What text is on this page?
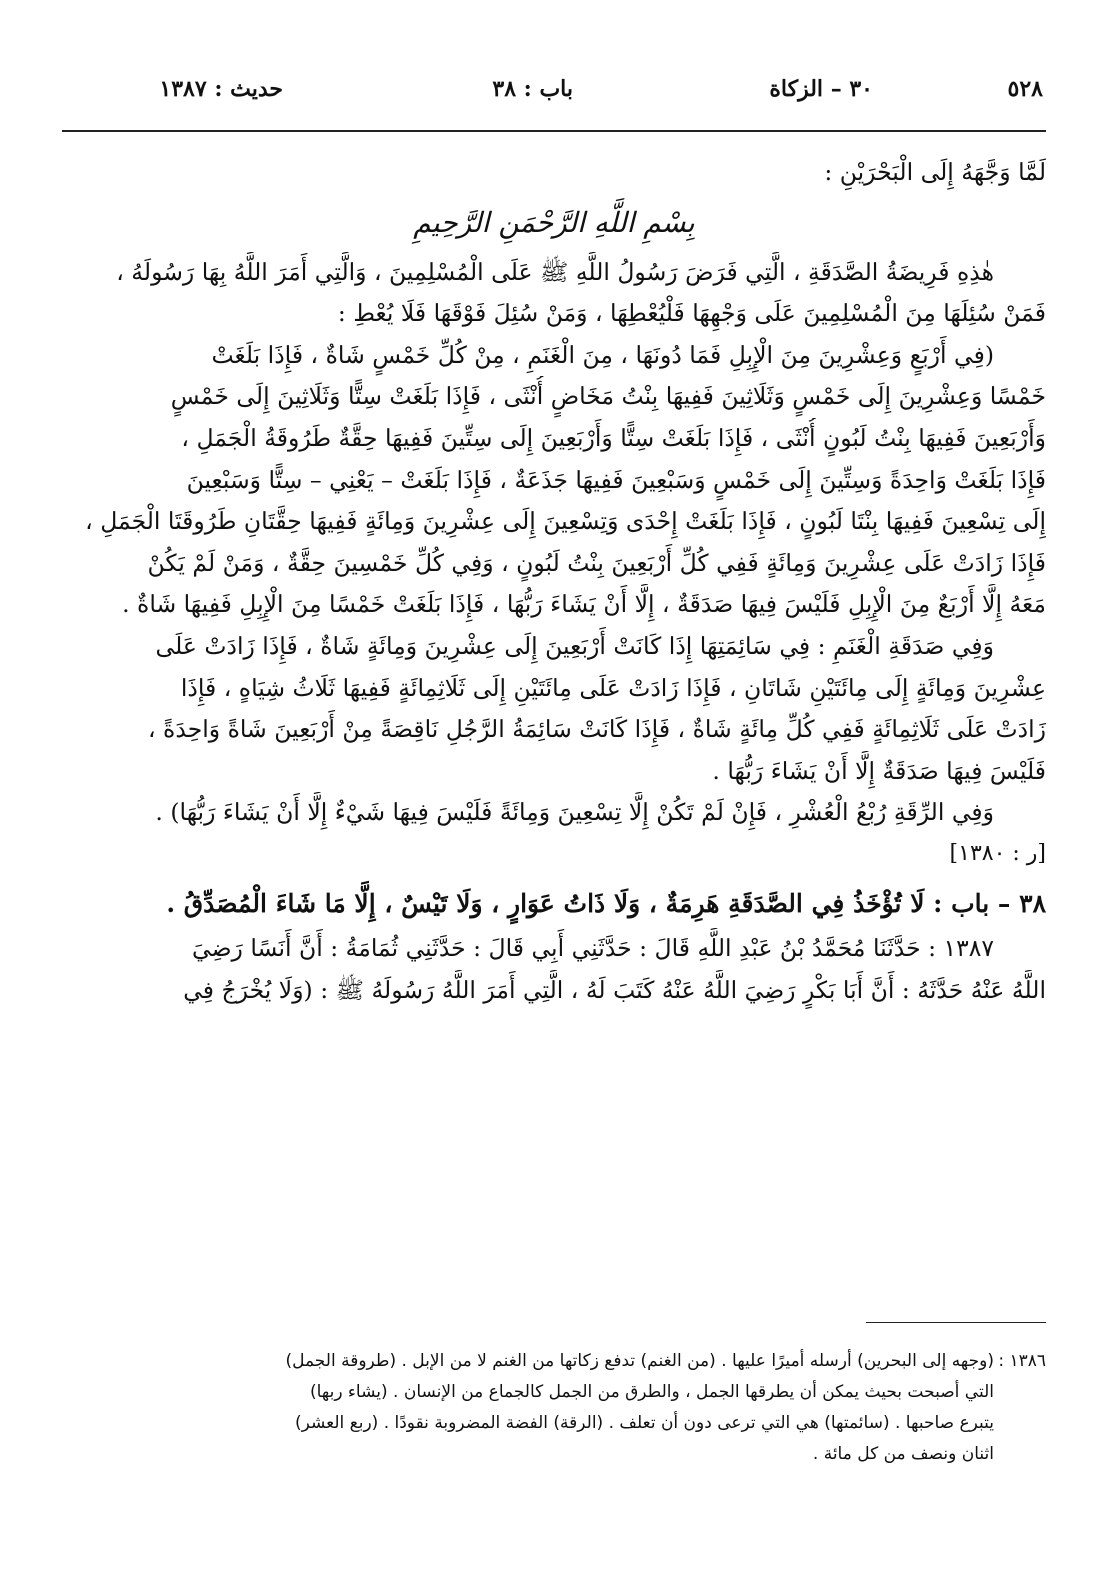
٥٢٨
٣٠ – الزكاة
باب : ٣٨
حديث : ١٣٨٧
لَمَّا وَجَّهَهُ إِلَى الْبَحْرَيْنِ :
بِسْمِ اللَّهِ الرَّحْمَنِ الرَّحِيمِ
هٰذِهِ فَرِيضَةُ الصَّدَقَةِ ، الَّتِي فَرَضَ رَسُولُ اللَّهِ ﷺ عَلَى الْمُسْلِمِينَ ، وَالَّتِي أَمَرَ اللَّهُ بِهَا رَسُولَهُ ،
فَمَنْ سُئِلَهَا مِنَ الْمُسْلِمِينَ عَلَى وَجْهِهَا فَلْيُعْطِهَا ، وَمَنْ سُئِلَ فَوْقَهَا فَلَا يُعْطِ :
(فِي أَرْبَعٍ وَعِشْرِينَ مِنَ الْإِبِلِ فَمَا دُونَهَا ، مِنَ الْغَنَمِ ، مِنْ كُلِّ خَمْسٍ شَاةٌ ، فَإِذَا بَلَغَتْ
خَمْسًا وَعِشْرِينَ إِلَى خَمْسٍ وَثَلَاثِينَ فَفِيهَا بِنْتُ مَخَاضٍ أُنْثَى ، فَإِذَا بَلَغَتْ سِتًّا وَثَلَاثِينَ إِلَى خَمْسٍ
وَأَرْبَعِينَ فَفِيهَا بِنْتُ لَبُونٍ أُنْثَى ، فَإِذَا بَلَغَتْ سِتًّا وَأَرْبَعِينَ إِلَى سِتِّينَ فَفِيهَا حِقَّةٌ طَرُوقَةُ الْجَمَلِ ،
فَإِذَا بَلَغَتْ وَاحِدَةً وَسِتِّينَ إِلَى خَمْسٍ وَسَبْعِينَ فَفِيهَا جَذَعَةٌ ، فَإِذَا بَلَغَتْ – يَعْنِي – سِتًّا وَسَبْعِينَ
إِلَى تِسْعِينَ فَفِيهَا بِنْتَا لَبُونٍ ، فَإِذَا بَلَغَتْ إِحْدَى وَتِسْعِينَ إِلَى عِشْرِينَ وَمِائَةٍ فَفِيهَا حِقَّتَانِ طَرُوقَتَا الْجَمَلِ ،
فَإِذَا زَادَتْ عَلَى عِشْرِينَ وَمِائَةٍ فَفِي كُلِّ أَرْبَعِينَ بِنْتُ لَبُونٍ ، وَفِي كُلِّ خَمْسِينَ حِقَّةٌ ، وَمَنْ لَمْ يَكُنْ
مَعَهُ إِلَّا أَرْبَعٌ مِنَ الْإِبِلِ فَلَيْسَ فِيهَا صَدَقَةٌ ، إِلَّا أَنْ يَشَاءَ رَبُّهَا ، فَإِذَا بَلَغَتْ خَمْسًا مِنَ الْإِبِلِ فَفِيهَا شَاةٌ .
وَفِي صَدَقَةِ الْغَنَمِ : فِي سَائِمَتِهَا إِذَا كَانَتْ أَرْبَعِينَ إِلَى عِشْرِينَ وَمِائَةٍ شَاةٌ ، فَإِذَا زَادَتْ عَلَى
عِشْرِينَ وَمِائَةٍ إِلَى مِائَتَيْنِ شَاتَانِ ، فَإِذَا زَادَتْ عَلَى مِائَتَيْنِ إِلَى ثَلَاثِمِائَةٍ فَفِيهَا ثَلَاثُ شِيَاهٍ ، فَإِذَا
زَادَتْ عَلَى ثَلَاثِمِائَةٍ فَفِي كُلِّ مِائَةٍ شَاةٌ ، فَإِذَا كَانَتْ سَائِمَةُ الرَّجُلِ نَاقِصَةً مِنْ أَرْبَعِينَ شَاةً وَاحِدَةً ،
فَلَيْسَ فِيهَا صَدَقَةٌ إِلَّا أَنْ يَشَاءَ رَبُّهَا .
وَفِي الرِّقَةِ رُبْعُ الْعُشْرِ ، فَإِنْ لَمْ تَكُنْ إِلَّا تِسْعِينَ وَمِائَةً فَلَيْسَ فِيهَا شَيْءٌ إِلَّا أَنْ يَشَاءَ رَبُّهَا) .
[ر : ١٣٨٠]
٣٨ – باب : لَا تُؤْخَذُ فِي الصَّدَقَةِ هَرِمَةٌ ، وَلَا ذَاتُ عَوَارٍ ، وَلَا تَيْسٌ ، إِلَّا مَا شَاءَ الْمُصَدِّقُ .
١٣٨٧ : حَدَّثَنَا مُحَمَّدُ بْنُ عَبْدِ اللَّهِ قَالَ : حَدَّثَنِي أَبِي قَالَ : حَدَّثَنِي ثُمَامَةُ : أَنَّ أَنَسًا رَضِيَ
اللَّهُ عَنْهُ حَدَّثَهُ : أَنَّ أَبَا بَكْرٍ رَضِيَ اللَّهُ عَنْهُ كَتَبَ لَهُ ، الَّتِي أَمَرَ اللَّهُ رَسُولَهُ ﷺ : (وَلَا يُخْرَجُ فِي
١٣٨٦ :(وجهه إلى البحرين) أرسله أميرًا عليها . (من الغنم) تدفع زكاتها من الغنم لا من الإبل . (طروقة الجمل)
التي أصبحت بحيث يمكن أن يطرقها الجمل ، والطرق من الجمل كالجماع من الإنسان . (يشاء ربها)
يتبرع صاحبها . (سائمتها) هي التي ترعى دون أن تعلف . (الرقة) الفضة المضروبة نقودًا . (ربع العشر)
اثنان ونصف من كل مائة .
